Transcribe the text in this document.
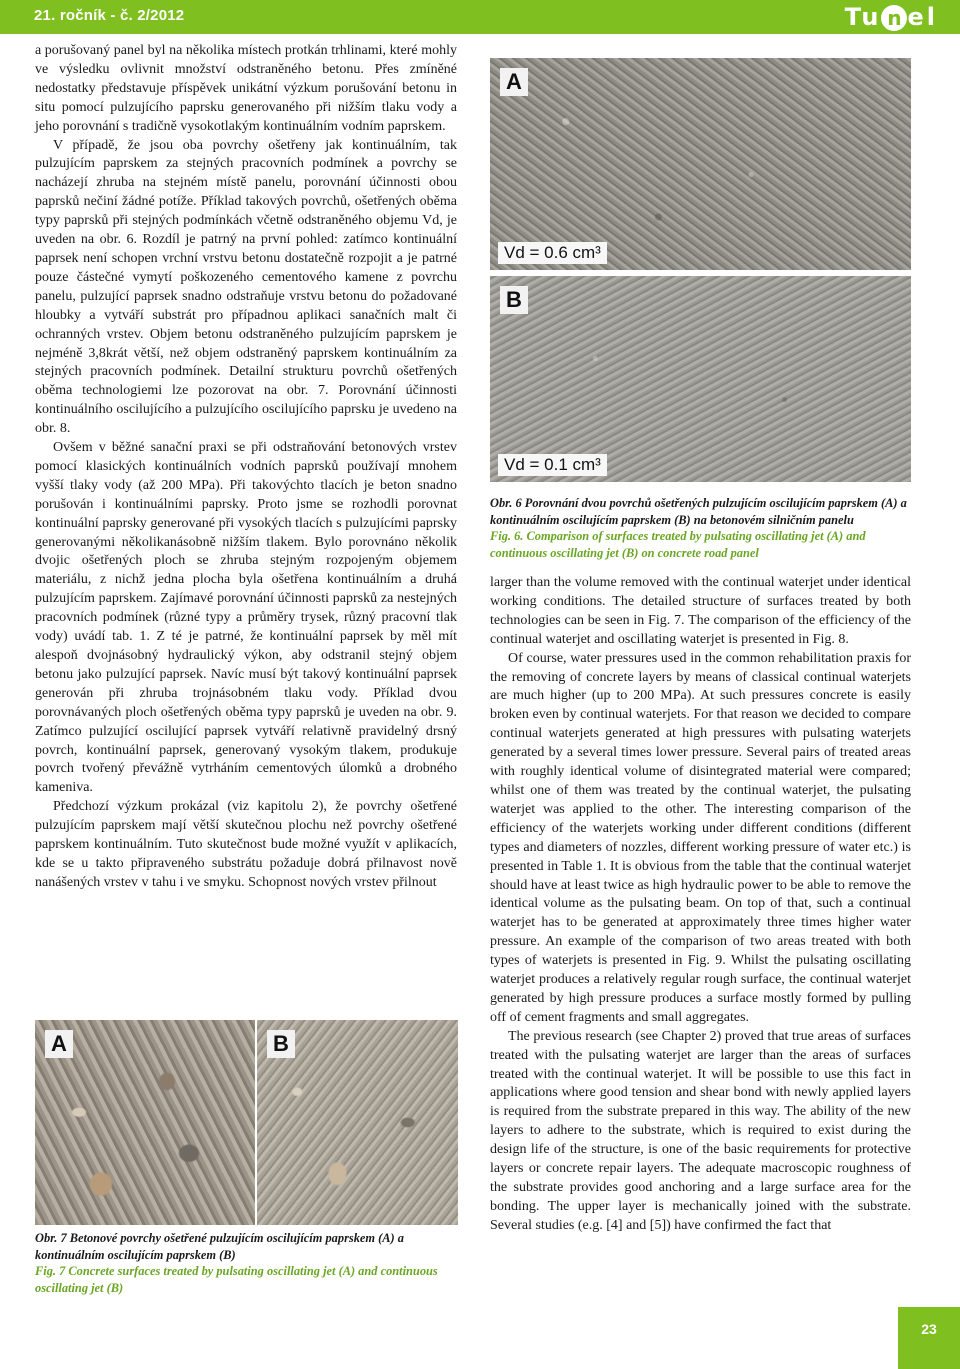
21. ročník - č. 2/2012	Tu n el

a porušovaný panel byl na několika místech protkán trhlinami, které mohly ve výsledku ovlivnit množství odstraněného betonu. Přes zmíněné nedostatky představuje příspěvek unikátní výzkum porušování betonu in situ pomocí pulzujícího paprsku generovaného při nižším tlaku vody a jeho porovnání s tradičně vysokotlakým kontinuálním vodním paprskem.

V případě, že jsou oba povrchy ošetřeny jak kontinuálním, tak pulzujícím paprskem za stejných pracovních podmínek a povrchy se nacházejí zhruba na stejném místě panelu, porovnání účinnosti obou paprsků nečiní žádné potíže. Příklad takových povrchů, ošetřených oběma typy paprsků při stejných podmínkách včetně odstraněného objemu Vd, je uveden na obr. 6. Rozdíl je patrný na první pohled: zatímco kontinuální paprsek není schopen vrchní vrstvu betonu dostatečně rozpojit a je patrné pouze částečné vymytí poškozeného cementového kamene z povrchu panelu, pulzující paprsek snadno odstraňuje vrstvu betonu do požadované hloubky a vytváří substrát pro případnou aplikaci sanačních malt či ochranných vrstev. Objem betonu odstraněného pulzujícím paprskem je nejméně 3,8krát větší, než objem odstraněný paprskem kontinuálním za stejných pracovních podmínek. Detailní strukturu povrchů ošetřených oběma technologiemi lze pozorovat na obr. 7. Porovnání účinnosti kontinuálního oscilujícího a pulzujícího oscilujícího paprsku je uvedeno na obr. 8.

Ovšem v běžné sanační praxi se při odstraňování betonových vrstev pomocí klasických kontinuálních vodních paprsků používají mnohem vyšší tlaky vody (až 200 MPa). Při takovýchto tlacích je beton snadno porušován i kontinuálními paprsky. Proto jsme se rozhodli porovnat kontinuální paprsky generované při vysokých tlacích s pulzujícími paprsky generovanými několikanásobně nižším tlakem. Bylo porovnáno několik dvojic ošetřených ploch se zhruba stejným rozpojeným objemem materiálu, z nichž jedna plocha byla ošetřena kontinuálním a druhá pulzujícím paprskem. Zajímavé porovnání účinnosti paprsků za nestejných pracovních podmínek (různé typy a průměry trysek, různý pracovní tlak vody) uvádí tab. 1. Z té je patrné, že kontinuální paprsek by měl mít alespoň dvojnásobný hydraulický výkon, aby odstranil stejný objem betonu jako pulzující paprsek. Navíc musí být takový kontinuální paprsek generován při zhruba trojnásobném tlaku vody. Příklad dvou porovnávaných ploch ošetřených oběma typy paprsků je uveden na obr. 9. Zatímco pulzující oscilující paprsek vytváří relativně pravidelný drsný povrch, kontinuální paprsek, generovaný vysokým tlakem, produkuje povrch tvořený převážně vytrháním cementových úlomků a drobného kameniva.

Předchozí výzkum prokázal (viz kapitolu 2), že povrchy ošetřené pulzujícím paprskem mají větší skutečnou plochu než povrchy ošetřené paprskem kontinuálním. Tuto skutečnost bude možné využít v aplikacích, kde se u takto připraveného substrátu požaduje dobrá přilnavost nově nanášených vrstev v tahu i ve smyku. Schopnost nových vrstev přilnout

A
Vd = 0.6 cm³
B
Vd = 0.1 cm³
Obr. 6 Porovnání dvou povrchů ošetřených pulzujícím oscilujícím paprskem (A) a kontinuálním oscilujícím paprskem (B) na betonovém silničním panelu
Fig. 6. Comparison of surfaces treated by pulsating oscillating jet (A) and continuous oscillating jet (B) on concrete road panel

larger than the volume removed with the continual waterjet under identical working conditions. The detailed structure of surfaces treated by both technologies can be seen in Fig. 7. The comparison of the efficiency of the continual waterjet and oscillating waterjet is presented in Fig. 8.

Of course, water pressures used in the common rehabilitation praxis for the removing of concrete layers by means of classical continual waterjets are much higher (up to 200 MPa). At such pressures concrete is easily broken even by continual waterjets. For that reason we decided to compare continual waterjets generated at high pressures with pulsating waterjets generated by a several times lower pressure. Several pairs of treated areas with roughly identical volume of disintegrated material were compared; whilst one of them was treated by the continual waterjet, the pulsating waterjet was applied to the other. The interesting comparison of the efficiency of the waterjets working under different conditions (different types and diameters of nozzles, different working pressure of water etc.) is presented in Table 1. It is obvious from the table that the continual waterjet should have at least twice as high hydraulic power to be able to remove the identical volume as the pulsating beam. On top of that, such a continual waterjet has to be generated at approximately three times higher water pressure. An example of the comparison of two areas treated with both types of waterjets is presented in Fig. 9. Whilst the pulsating oscillating waterjet produces a relatively regular rough surface, the continual waterjet generated by high pressure produces a surface mostly formed by pulling off of cement fragments and small aggregates.

The previous research (see Chapter 2) proved that true areas of surfaces treated with the pulsating waterjet are larger than the areas of surfaces treated with the continual waterjet. It will be possible to use this fact in applications where good tension and shear bond with newly applied layers is required from the substrate prepared in this way. The ability of the new layers to adhere to the substrate, which is required to exist during the design life of the structure, is one of the basic requirements for protective layers or concrete repair layers. The adequate macroscopic roughness of the substrate provides good anchoring and a large surface area for the bonding. The upper layer is mechanically joined with the substrate. Several studies (e.g. [4] and [5]) have confirmed the fact that

A	B
Obr. 7 Betonové povrchy ošetřené pulzujícím oscilujícím paprskem (A) a kontinuálním oscilujícím paprskem (B)
Fig. 7 Concrete surfaces treated by pulsating oscillating jet (A) and continuous oscillating jet (B)
23
